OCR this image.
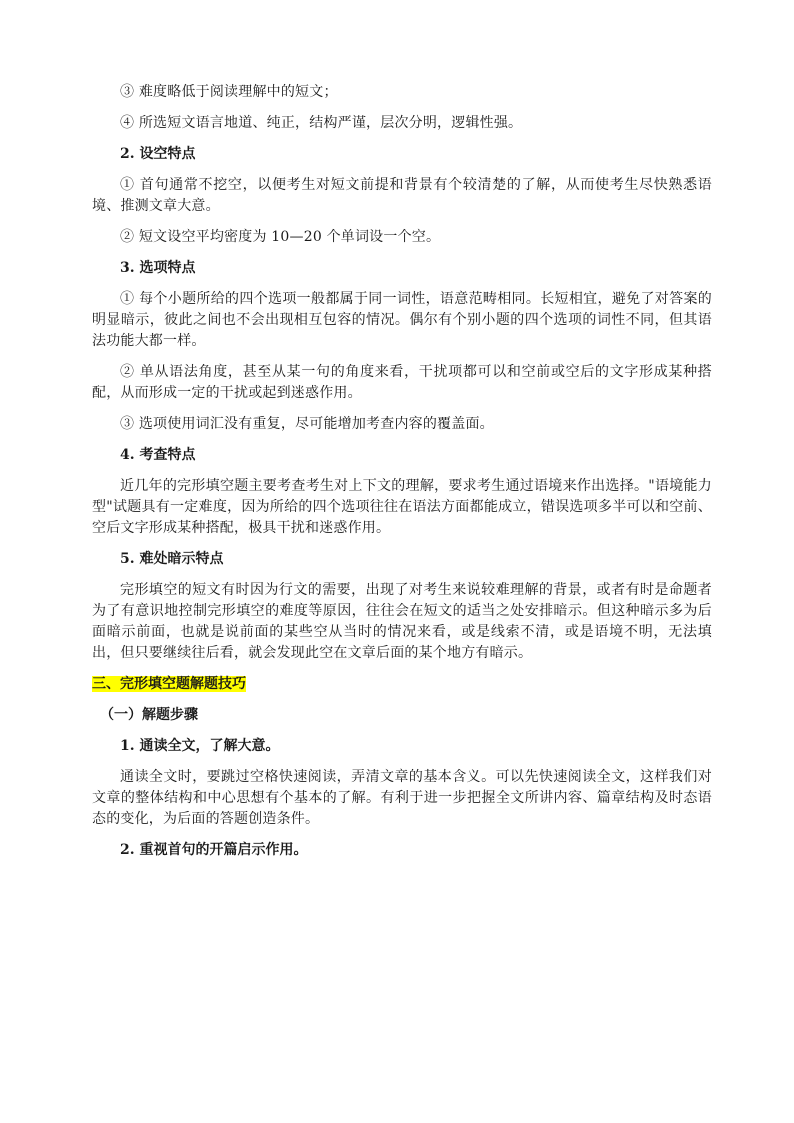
③ 难度略低于阅读理解中的短文；

④ 所选短文语言地道、纯正，结构严谨，层次分明，逻辑性强。

2. 设空特点

① 首句通常不挖空，以便考生对短文前提和背景有个较清楚的了解，从而使考生尽快熟悉语境、推测文章大意。

② 短文设空平均密度为 10—20 个单词设一个空。

3. 选项特点

① 每个小题所给的四个选项一般都属于同一词性，语意范畴相同。长短相宜，避免了对答案的明显暗示，彼此之间也不会出现相互包容的情况。偶尔有个别小题的四个选项的词性不同，但其语法功能大都一样。

② 单从语法角度，甚至从某一句的角度来看，干扰项都可以和空前或空后的文字形成某种搭配，从而形成一定的干扰或起到迷惑作用。

③ 选项使用词汇没有重复，尽可能增加考查内容的覆盖面。

4. 考查特点

近几年的完形填空题主要考查考生对上下文的理解，要求考生通过语境来作出选择。"语境能力型"试题具有一定难度，因为所给的四个选项往往在语法方面都能成立，错误选项多半可以和空前、空后文字形成某种搭配，极具干扰和迷惑作用。

5. 难处暗示特点

完形填空的短文有时因为行文的需要，出现了对考生来说较难理解的背景，或者有时是命题者为了有意识地控制完形填空的难度等原因，往往会在短文的适当之处安排暗示。但这种暗示多为后面暗示前面，也就是说前面的某些空从当时的情况来看，或是线索不清，或是语境不明，无法填出，但只要继续往后看，就会发现此空在文章后面的某个地方有暗示。

三、完形填空题解题技巧

（一）解题步骤

1. 通读全文，了解大意。

通读全文时，要跳过空格快速阅读，弄清文章的基本含义。可以先快速阅读全文，这样我们对文章的整体结构和中心思想有个基本的了解。有利于进一步把握全文所讲内容、篇章结构及时态语态的变化，为后面的答题创造条件。

2. 重视首句的开篇启示作用。
